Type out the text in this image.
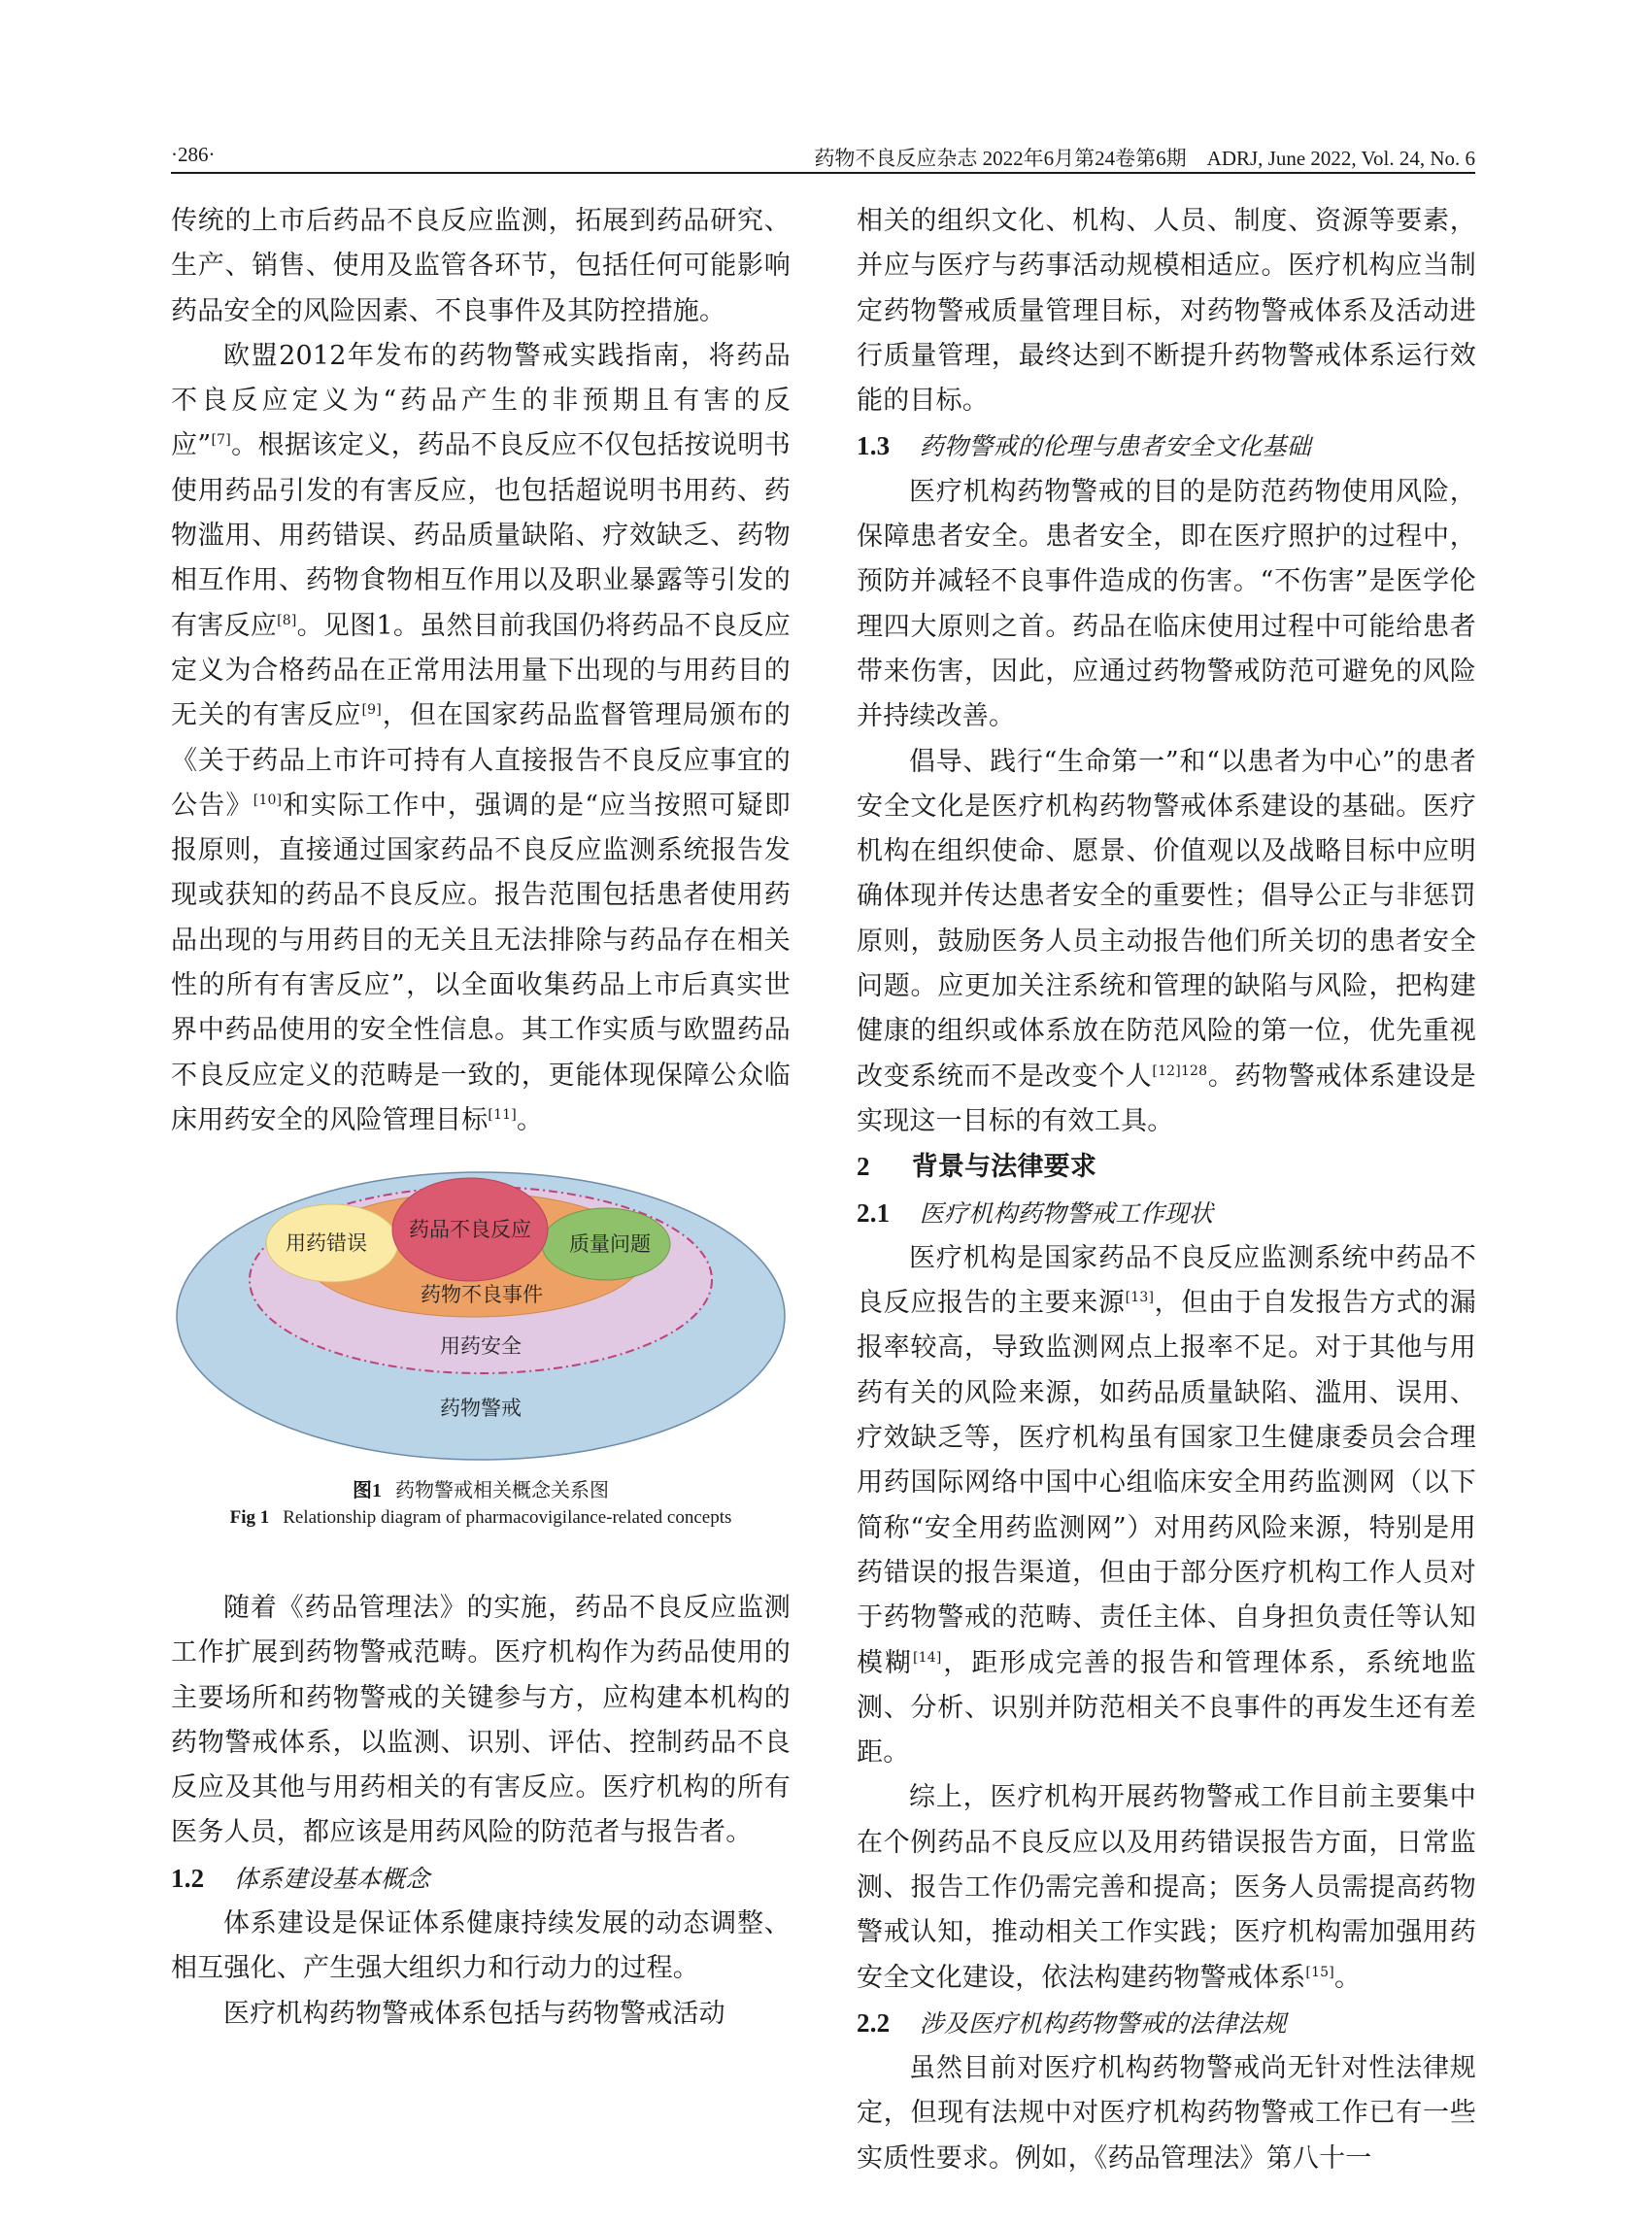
·286·	药物不良反应杂志 2022年6月第24卷第6期　ADRJ, June 2022, Vol. 24, No. 6

传统的上市后药品不良反应监测，拓展到药品研究、生产、销售、使用及监管各环节，包括任何可能影响药品安全的风险因素、不良事件及其防控措施。

欧盟2012年发布的药物警戒实践指南，将药品不良反应定义为“药品产生的非预期且有害的反应”[7]。根据该定义，药品不良反应不仅包括按说明书使用药品引发的有害反应，也包括超说明书用药、药物滥用、用药错误、药品质量缺陷、疗效缺乏、药物相互作用、药物食物相互作用以及职业暴露等引发的有害反应[8]。见图1。虽然目前我国仍将药品不良反应定义为合格药品在正常用法用量下出现的与用药目的无关的有害反应[9]，但在国家药品监督管理局颁布的《关于药品上市许可持有人直接报告不良反应事宜的公告》[10]和实际工作中，强调的是“应当按照可疑即报原则，直接通过国家药品不良反应监测系统报告发现或获知的药品不良反应。报告范围包括患者使用药品出现的与用药目的无关且无法排除与药品存在相关性的所有有害反应”，以全面收集药品上市后真实世界中药品使用的安全性信息。其工作实质与欧盟药品不良反应定义的范畴是一致的，更能体现保障公众临床用药安全的风险管理目标[11]。

药品不良反应
用药错误	质量问题
药物不良事件
用药安全
药物警戒
图1 药物警戒相关概念关系图
Fig 1 Relationship diagram of pharmacovigilance-related concepts

随着《药品管理法》的实施，药品不良反应监测工作扩展到药物警戒范畴。医疗机构作为药品使用的主要场所和药物警戒的关键参与方，应构建本机构的药物警戒体系，以监测、识别、评估、控制药品不良反应及其他与用药相关的有害反应。医疗机构的所有医务人员，都应该是用药风险的防范者与报告者。

1.2 体系建设基本概念

体系建设是保证体系健康持续发展的动态调整、相互强化、产生强大组织力和行动力的过程。

医疗机构药物警戒体系包括与药物警戒活动

相关的组织文化、机构、人员、制度、资源等要素，并应与医疗与药事活动规模相适应。医疗机构应当制定药物警戒质量管理目标，对药物警戒体系及活动进行质量管理，最终达到不断提升药物警戒体系运行效能的目标。

1.3 药物警戒的伦理与患者安全文化基础

医疗机构药物警戒的目的是防范药物使用风险，保障患者安全。患者安全，即在医疗照护的过程中，预防并减轻不良事件造成的伤害。“不伤害”是医学伦理四大原则之首。药品在临床使用过程中可能给患者带来伤害，因此，应通过药物警戒防范可避免的风险并持续改善。

倡导、践行“生命第一”和“以患者为中心”的患者安全文化是医疗机构药物警戒体系建设的基础。医疗机构在组织使命、愿景、价值观以及战略目标中应明确体现并传达患者安全的重要性；倡导公正与非惩罚原则，鼓励医务人员主动报告他们所关切的患者安全问题。应更加关注系统和管理的缺陷与风险，把构建健康的组织或体系放在防范风险的第一位，优先重视改变系统而不是改变个人$^{[12]128}$。药物警戒体系建设是实现这一目标的有效工具。

2 背景与法律要求
2.1 医疗机构药物警戒工作现状

医疗机构是国家药品不良反应监测系统中药品不良反应报告的主要来源[13]，但由于自发报告方式的漏报率较高，导致监测网点上报率不足。对于其他与用药有关的风险来源，如药品质量缺陷、滥用、误用、疗效缺乏等，医疗机构虽有国家卫生健康委员会合理用药国际网络中国中心组临床安全用药监测网（以下简称“安全用药监测网”）对用药风险来源，特别是用药错误的报告渠道，但由于部分医疗机构工作人员对于药物警戒的范畴、责任主体、自身担负责任等认知模糊[14]，距形成完善的报告和管理体系，系统地监测、分析、识别并防范相关不良事件的再发生还有差距。

综上，医疗机构开展药物警戒工作目前主要集中在个例药品不良反应以及用药错误报告方面，日常监测、报告工作仍需完善和提高；医务人员需提高药物警戒认知，推动相关工作实践；医疗机构需加强用药安全文化建设，依法构建药物警戒体系[15]。

2.2 涉及医疗机构药物警戒的法律法规

虽然目前对医疗机构药物警戒尚无针对性法律规定，但现有法规中对医疗机构药物警戒工作已有一些实质性要求。例如，《药品管理法》第八十一
